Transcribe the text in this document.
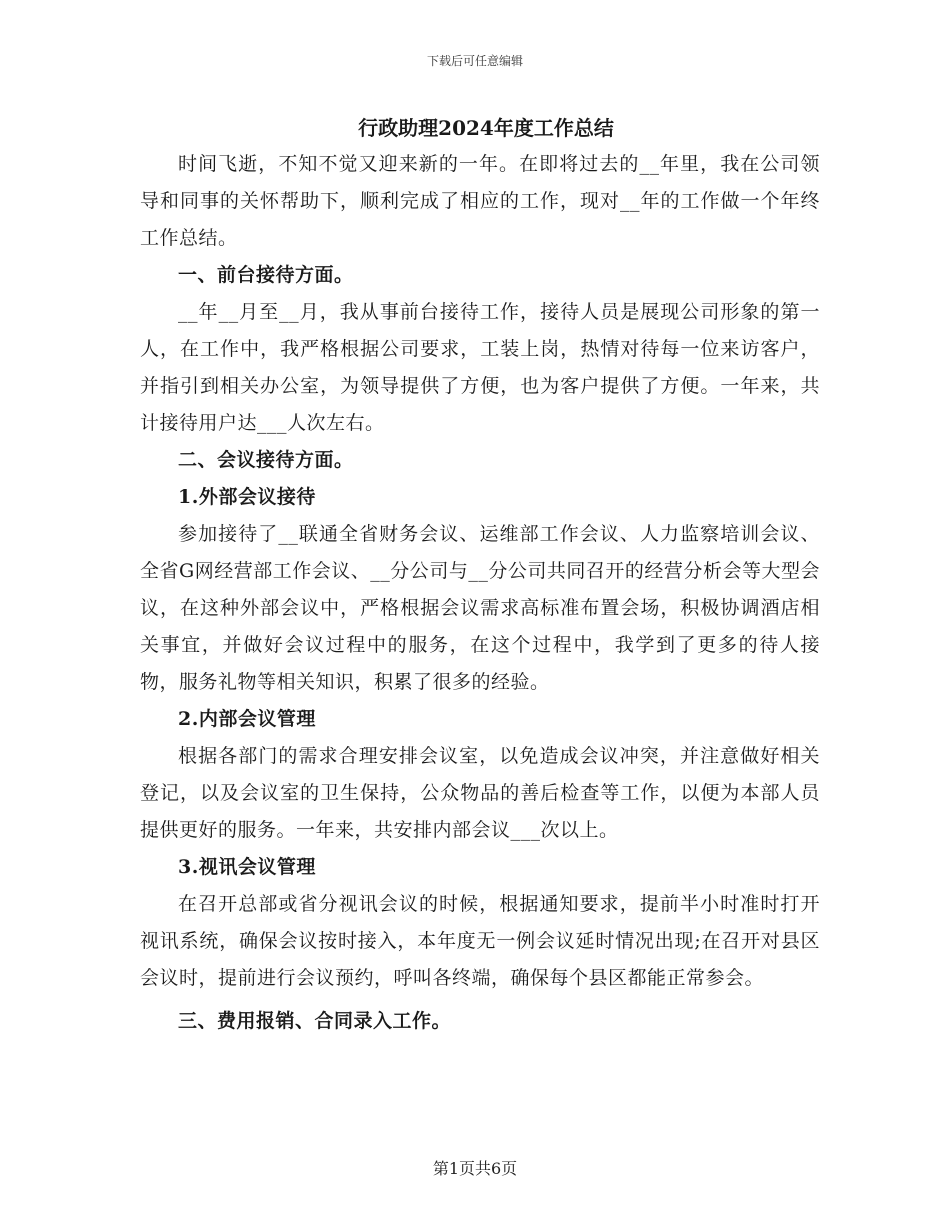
下载后可任意编辑
行政助理2024年度工作总结

时间飞逝，不知不觉又迎来新的一年。在即将过去的__年里，我在公司领导和同事的关怀帮助下，顺利完成了相应的工作，现对__年的工作做一个年终工作总结。

一、前台接待方面。

__年__月至__月，我从事前台接待工作，接待人员是展现公司形象的第一人，在工作中，我严格根据公司要求，工装上岗，热情对待每一位来访客户，并指引到相关办公室，为领导提供了方便，也为客户提供了方便。一年来，共计接待用户达___人次左右。

二、会议接待方面。

1.外部会议接待

参加接待了__联通全省财务会议、运维部工作会议、人力监察培训会议、全省G网经营部工作会议、__分公司与__分公司共同召开的经营分析会等大型会议，在这种外部会议中，严格根据会议需求高标准布置会场，积极协调酒店相关事宜，并做好会议过程中的服务，在这个过程中，我学到了更多的待人接物，服务礼物等相关知识，积累了很多的经验。

2.内部会议管理

根据各部门的需求合理安排会议室，以免造成会议冲突，并注意做好相关登记，以及会议室的卫生保持，公众物品的善后检查等工作，以便为本部人员提供更好的服务。一年来，共安排内部会议___次以上。

3.视讯会议管理

在召开总部或省分视讯会议的时候，根据通知要求，提前半小时准时打开视讯系统，确保会议按时接入，本年度无一例会议延时情况出现;在召开对县区会议时，提前进行会议预约，呼叫各终端，确保每个县区都能正常参会。

三、费用报销、合同录入工作。

第1页共6页
